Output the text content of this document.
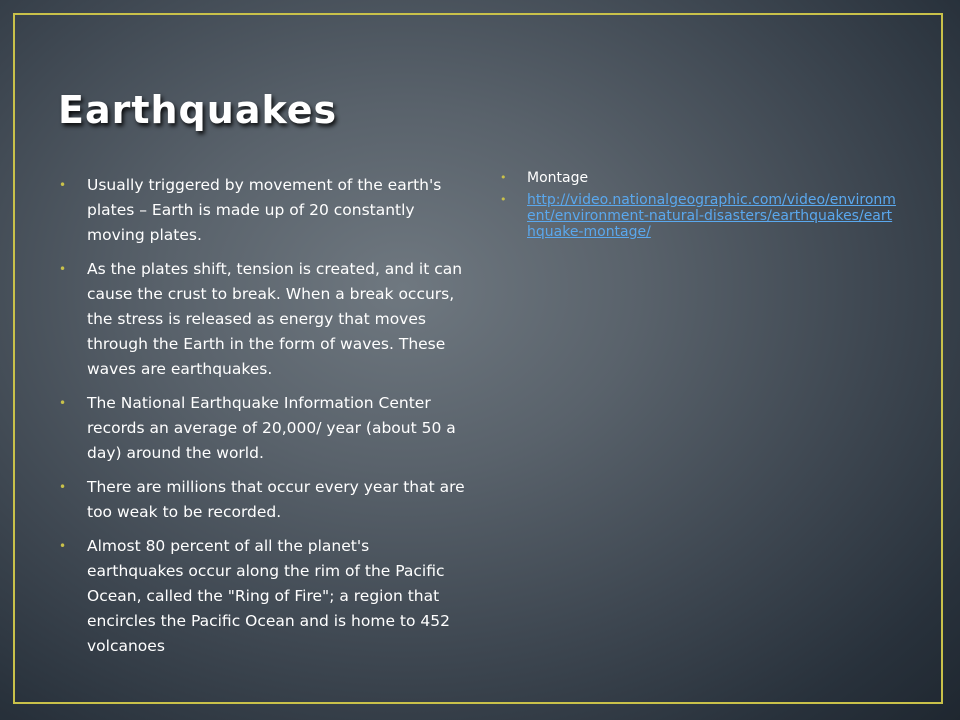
Earthquakes
• Usually triggered by movement of the earth's plates – Earth is made up of 20 constantly moving plates.
• As the plates shift, tension is created, and it can cause the crust to break. When a break occurs, the stress is released as energy that moves through the Earth in the form of waves. These waves are earthquakes.
• The National Earthquake Information Center records an average of 20,000/ year (about 50 a day) around the world.
• There are millions that occur every year that are too weak to be recorded.
• Almost 80 percent of all the planet's earthquakes occur along the rim of the Pacific Ocean, called the "Ring of Fire"; a region that encircles the Pacific Ocean and is home to 452 volcanoes
• Montage
• http://video.nationalgeographic.com/video/environment/environment-natural-disasters/earthquakes/earthquake-montage/
